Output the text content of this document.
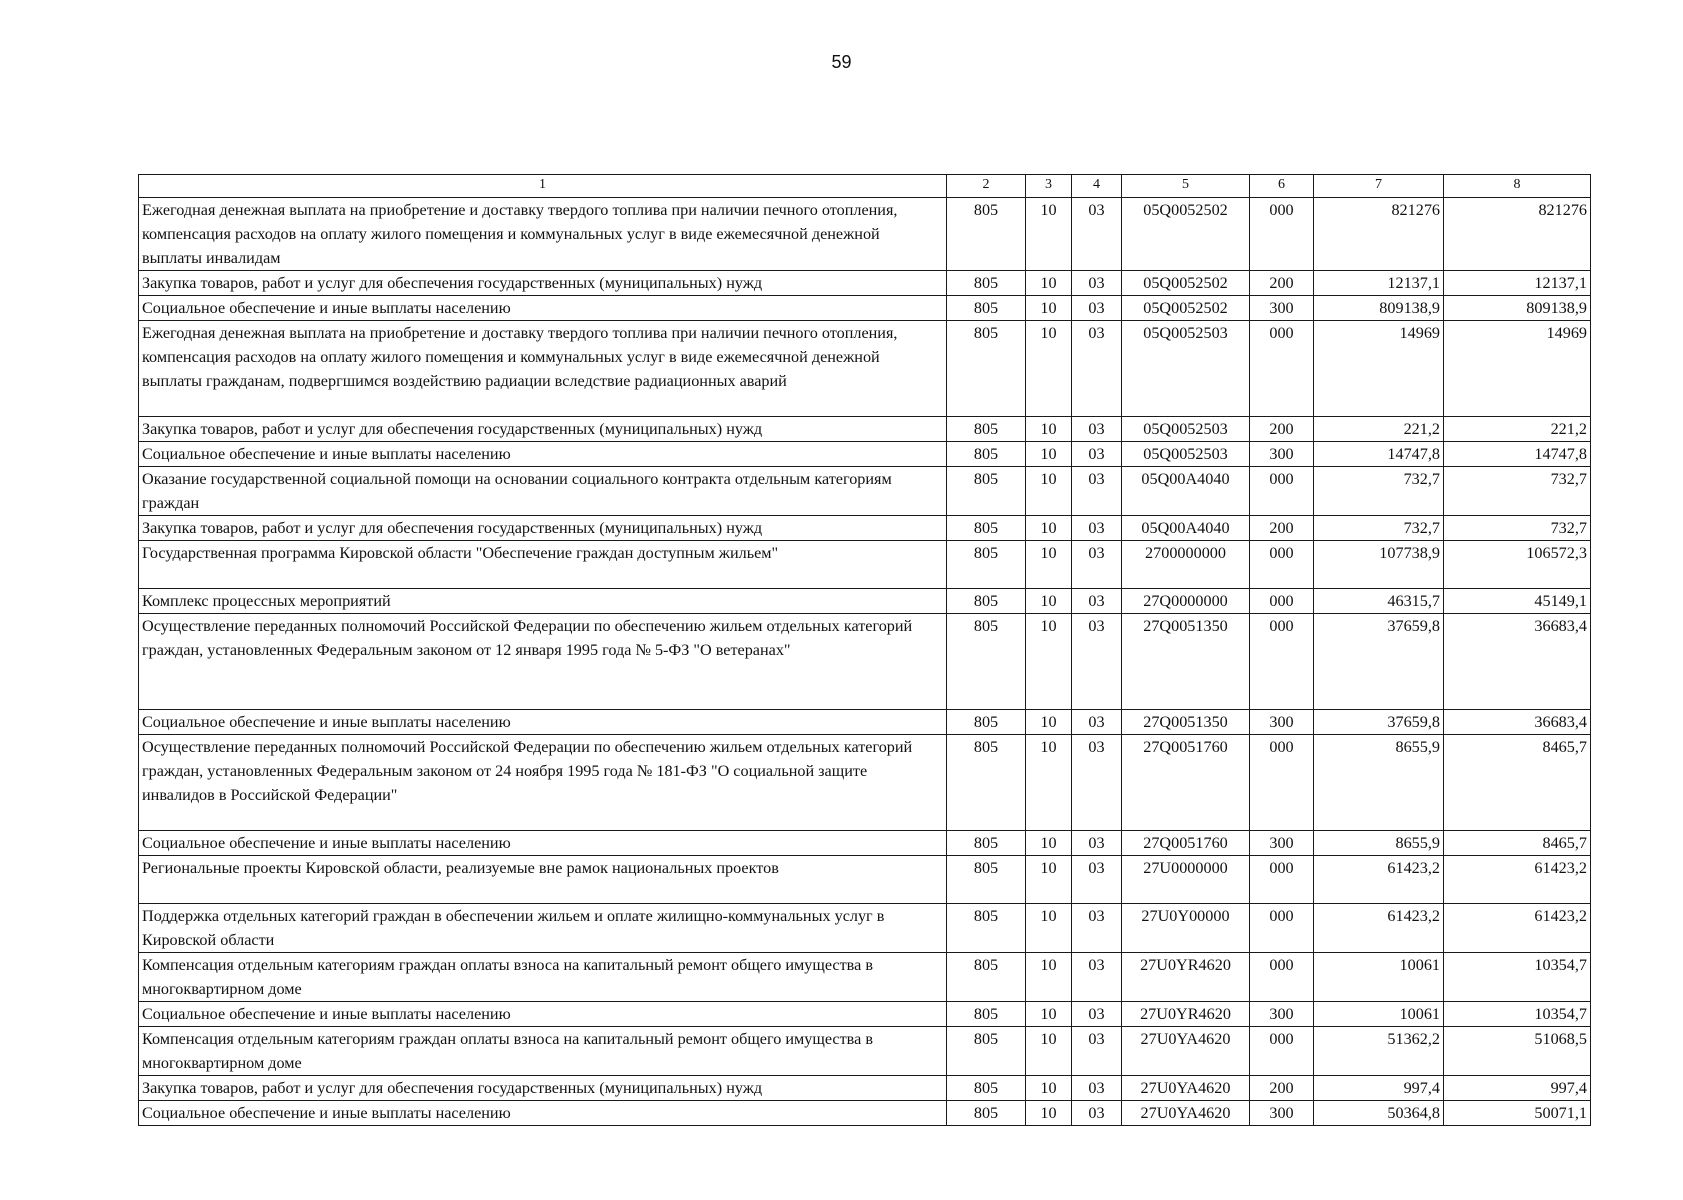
59
1	2	3	4	5	6	7	8
Ежегодная денежная выплата на приобретение и доставку твердого топлива при наличии печного отопления, компенсация расходов на оплату жилого помещения и коммунальных услуг в виде ежемесячной денежной выплаты инвалидам	805	10	03	05Q0052502	000	821276	821276
Закупка товаров, работ и услуг для обеспечения государственных (муниципальных) нужд	805	10	03	05Q0052502	200	12137,1	12137,1
Социальное обеспечение и иные выплаты населению	805	10	03	05Q0052502	300	809138,9	809138,9
Ежегодная денежная выплата на приобретение и доставку твердого топлива при наличии печного отопления, компенсация расходов на оплату жилого помещения и коммунальных услуг в виде ежемесячной денежной выплаты гражданам, подвергшимся воздействию радиации вследствие радиационных аварий	805	10	03	05Q0052503	000	14969	14969
Закупка товаров, работ и услуг для обеспечения государственных (муниципальных) нужд	805	10	03	05Q0052503	200	221,2	221,2
Социальное обеспечение и иные выплаты населению	805	10	03	05Q0052503	300	14747,8	14747,8
Оказание государственной социальной помощи на основании социального контракта отдельным категориям граждан	805	10	03	05Q00A4040	000	732,7	732,7
Закупка товаров, работ и услуг для обеспечения государственных (муниципальных) нужд	805	10	03	05Q00A4040	200	732,7	732,7
Государственная программа Кировской области "Обеспечение граждан доступным жильем"	805	10	03	2700000000	000	107738,9	106572,3
Комплекс процессных мероприятий	805	10	03	27Q0000000	000	46315,7	45149,1
Осуществление переданных полномочий Российской Федерации по обеспечению жильем отдельных категорий граждан, установленных Федеральным законом от 12 января 1995 года № 5-ФЗ "О ветеранах"	805	10	03	27Q0051350	000	37659,8	36683,4
Социальное обеспечение и иные выплаты населению	805	10	03	27Q0051350	300	37659,8	36683,4
Осуществление переданных полномочий Российской Федерации по обеспечению жильем отдельных категорий граждан, установленных Федеральным законом от 24 ноября 1995 года № 181-ФЗ "О социальной защите инвалидов в Российской Федерации"	805	10	03	27Q0051760	000	8655,9	8465,7
Социальное обеспечение и иные выплаты населению	805	10	03	27Q0051760	300	8655,9	8465,7
Региональные проекты Кировской области, реализуемые вне рамок национальных проектов	805	10	03	27U0000000	000	61423,2	61423,2
Поддержка отдельных категорий граждан в обеспечении жильем и оплате жилищно-коммунальных услуг в Кировской области	805	10	03	27U0Y00000	000	61423,2	61423,2
Компенсация отдельным категориям граждан оплаты взноса на капитальный ремонт общего имущества в многоквартирном доме	805	10	03	27U0YR4620	000	10061	10354,7
Социальное обеспечение и иные выплаты населению	805	10	03	27U0YR4620	300	10061	10354,7
Компенсация отдельным категориям граждан оплаты взноса на капитальный ремонт общего имущества в многоквартирном доме	805	10	03	27U0YA4620	000	51362,2	51068,5
Закупка товаров, работ и услуг для обеспечения государственных (муниципальных) нужд	805	10	03	27U0YA4620	200	997,4	997,4
Социальное обеспечение и иные выплаты населению	805	10	03	27U0YA4620	300	50364,8	50071,1
